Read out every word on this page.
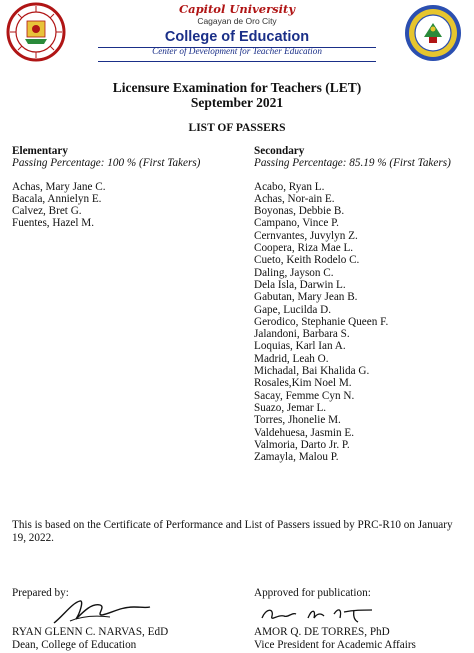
Capitol University
Cagayan de Oro City
College of Education
Center of Development for Teacher Education
Licensure Examination for Teachers (LET)
September 2021
LIST OF PASSERS
Elementary
Passing Percentage: 100 % (First Takers)
Achas, Mary Jane C.
Bacala, Annielyn E.
Calvez, Bret G.
Fuentes, Hazel M.
Secondary
Passing Percentage: 85.19 % (First Takers)
Acabo, Ryan L.
Achas, Nor-ain E.
Boyonas, Debbie B.
Campano, Vince P.
Cernvantes, Juvylyn Z.
Coopera, Riza Mae L.
Cueto, Keith Rodelo C.
Daling, Jayson C.
Dela Isla, Darwin L.
Gabutan, Mary Jean B.
Gape, Lucilda D.
Gerodico, Stephanie Queen F.
Jalandoni, Barbara S.
Loquias, Karl Ian A.
Madrid, Leah O.
Michadal, Bai Khalida G.
Rosales,Kim Noel M.
Sacay, Femme Cyn N.
Suazo, Jemar L.
Torres, Jhonelie M.
Valdehuesa, Jasmin E.
Valmoria, Darto Jr. P.
Zamayla, Malou P.
This is based on the Certificate of Performance and List of Passers issued by PRC-R10 on January 19, 2022.
Prepared by:	Approved for publication:
RYAN GLENN C. NARVAS, EdD
Dean, College of Education
AMOR Q. DE TORRES, PhD
Vice President for Academic Affairs
